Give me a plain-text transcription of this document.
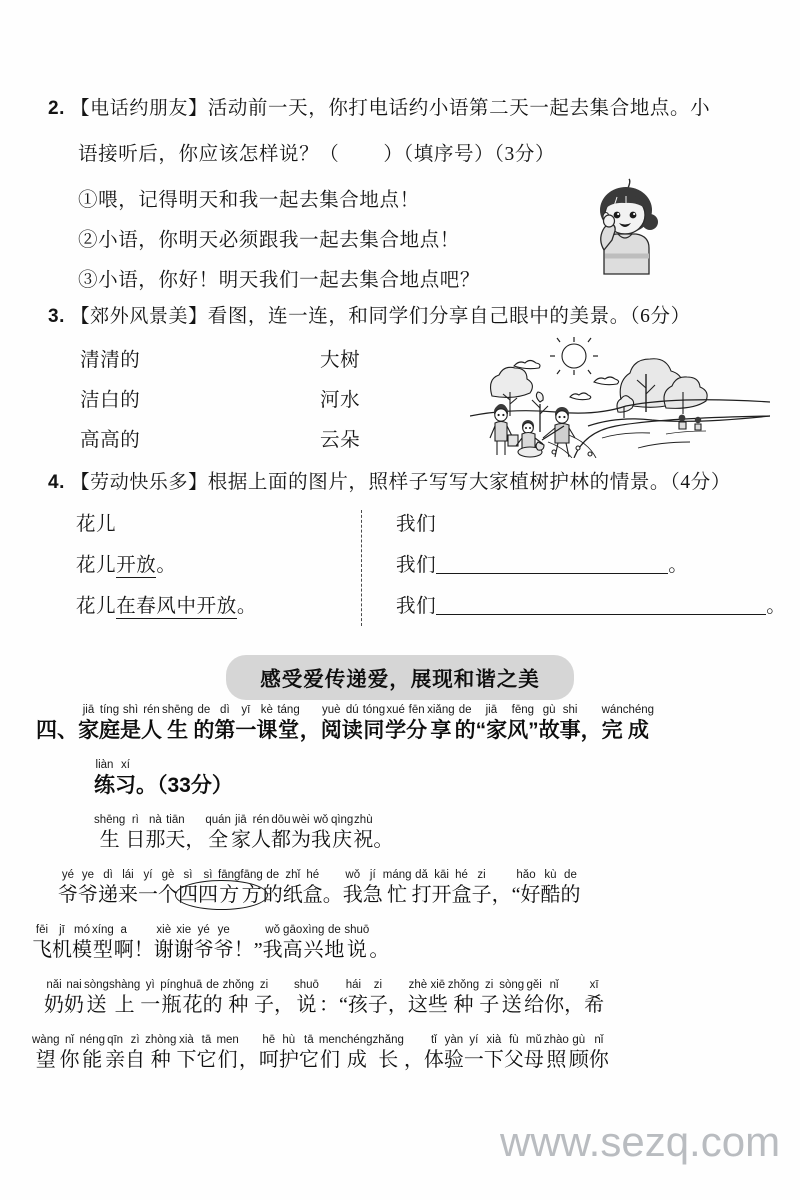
2. 【电话约朋友】活动前一天，你打电话约小语第二天一起去集合地点。小
语接听后，你应该怎样说？（ ）（填序号）（3分）
①喂，记得明天和我一起去集合地点！
②小语，你明天必须跟我一起去集合地点！
③小语，你好！明天我们一起去集合地点吧？
3. 【郊外风景美】看图，连一连，和同学们分享自己眼中的美景。（6分）
清清的	大树
洁白的	河水
高高的	云朵
4. 【劳动快乐多】根据上面的图片，照样子写写大家植树护林的情景。（4分）
花儿	我们
花儿开放。	我们	。
花儿在春风中开放。	我们	。
感受爱传递爱，展现和谐之美
四、
jiā
家
tíng
庭
shì
是
rén
人
shēng
生
de
的
dì
第
yī
一
kè
课
táng
堂 ，
yuè
阅
dú
读
tóng
同
xué
学
fēn
分
xiǎng
享
de
的
jiā
“家
fēng
风”
gù
故
shi
事 ，
wán
完
chéng
成
liàn
练
xí
习 。（33分）
shēng
生
rì
日
nà
那
tiān
天 ，
quán
全
jiā
家
rén
人
dōu
都
wèi
为
wǒ
我
qìng
庆
zhù
祝 。
yé
爷
ye
爷
dì
递
lái
来
yí
一
gè
个
sì
四
sì
四
fāng
方
fāng
方
de
的
zhǐ
纸
hé
盒 。
wǒ
我
jí
急
máng
忙
dǎ
打
kāi
开
hé
盒
zi
子 ，
hǎo
“好
kù
酷
de
的
fēi
飞
jī
机
mó
模
xíng
型
a
啊 ！
xiè
谢
xie
谢
yé
爷
ye
爷 ！”
wǒ
我
gāo
高
xìng
兴
de
地
shuō
说 。
nǎi
奶
nai
奶
sòng
送
shàng
上
yì
一
píng
瓶
huā
花
de
的
zhǒng
种
zi
子 ，
shuō
说 ：
hái
“孩
zi
子 ，
zhè
这
xiē
些
zhǒng
种
zi
子
sòng
送
gěi
给
nǐ
你 ，
xī
希
wàng
望
nǐ
你
néng
能
qīn
亲
zì
自
zhòng
种
xià
下
tā
它
men
们 ，
hē
呵
hù
护
tā
它
men
们
chéng
成
zhǎng
长 ，
tǐ
体
yàn
验
yí
一
xià
下
fù
父
mǔ
母
zhào
照
gù
顾
nǐ
你
www.sezq.com
